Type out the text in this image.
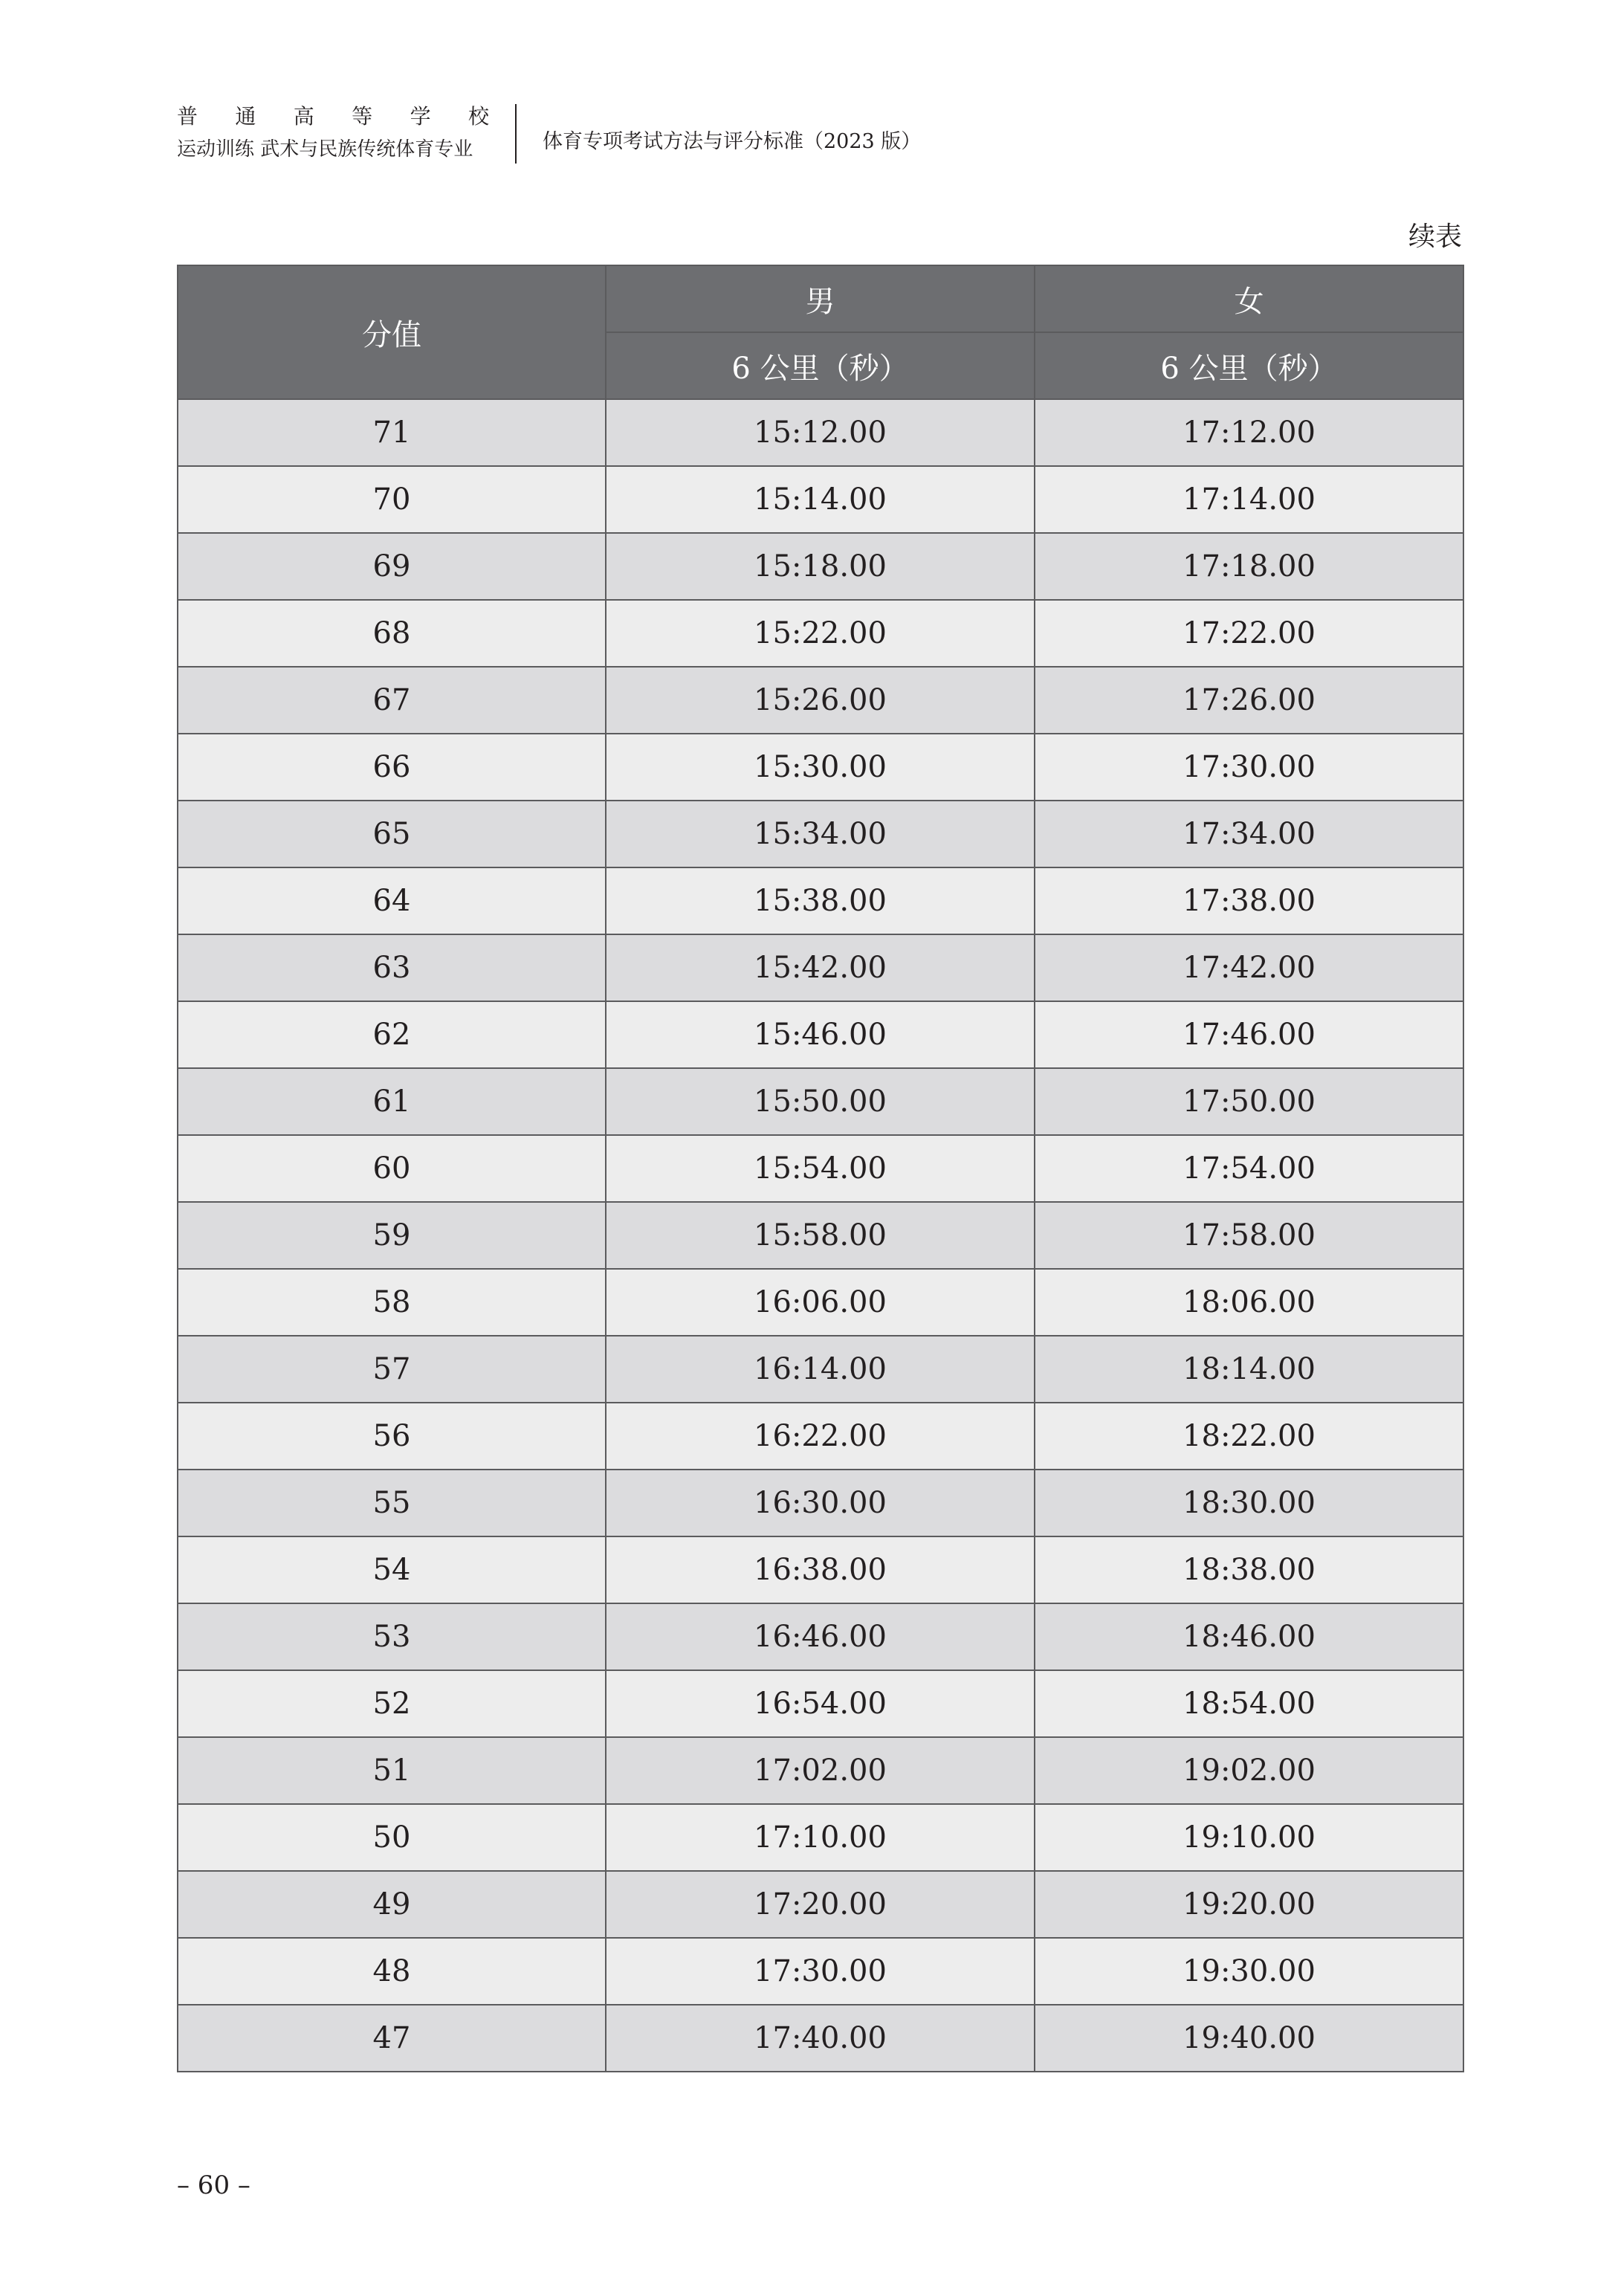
普 通 高 等 学 校
运动训练 武术与民族传统体育专业	体育专项考试方法与评分标准（2023 版）
续表
分值	男	女
	6 公里（秒）	6 公里（秒）
71	15:12.00	17:12.00
70	15:14.00	17:14.00
69	15:18.00	17:18.00
68	15:22.00	17:22.00
67	15:26.00	17:26.00
66	15:30.00	17:30.00
65	15:34.00	17:34.00
64	15:38.00	17:38.00
63	15:42.00	17:42.00
62	15:46.00	17:46.00
61	15:50.00	17:50.00
60	15:54.00	17:54.00
59	15:58.00	17:58.00
58	16:06.00	18:06.00
57	16:14.00	18:14.00
56	16:22.00	18:22.00
55	16:30.00	18:30.00
54	16:38.00	18:38.00
53	16:46.00	18:46.00
52	16:54.00	18:54.00
51	17:02.00	19:02.00
50	17:10.00	19:10.00
49	17:20.00	19:20.00
48	17:30.00	19:30.00
47	17:40.00	19:40.00
– 60 –
